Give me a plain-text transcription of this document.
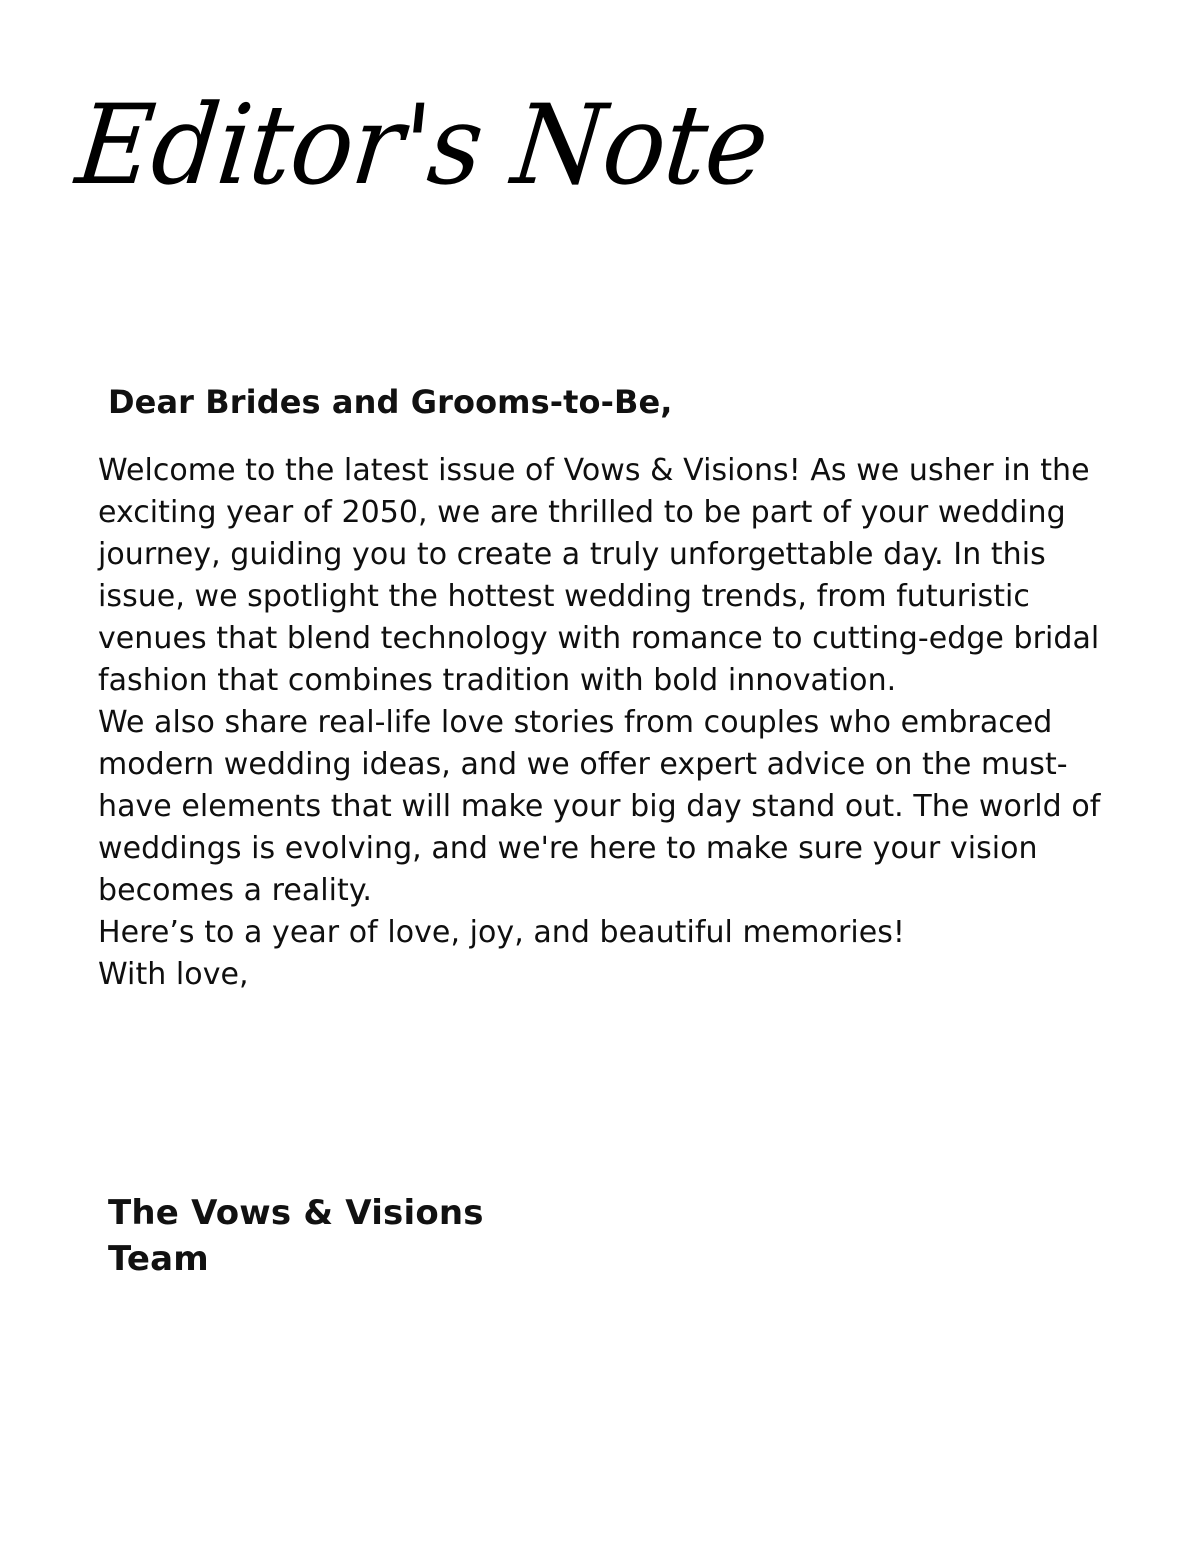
Editor's Note
Dear Brides and Grooms-to-Be,

Welcome to the latest issue of Vows & Visions! As we usher in the exciting year of 2050, we are thrilled to be part of your wedding journey, guiding you to create a truly unforgettable day. In this issue, we spotlight the hottest wedding trends, from futuristic venues that blend technology with romance to cutting-edge bridal fashion that combines tradition with bold innovation.

We also share real-life love stories from couples who embraced modern wedding ideas, and we offer expert advice on the must-have elements that will make your big day stand out. The world of weddings is evolving, and we're here to make sure your vision becomes a reality.

Here’s to a year of love, joy, and beautiful memories!

With love,

The Vows & Visions

Team
